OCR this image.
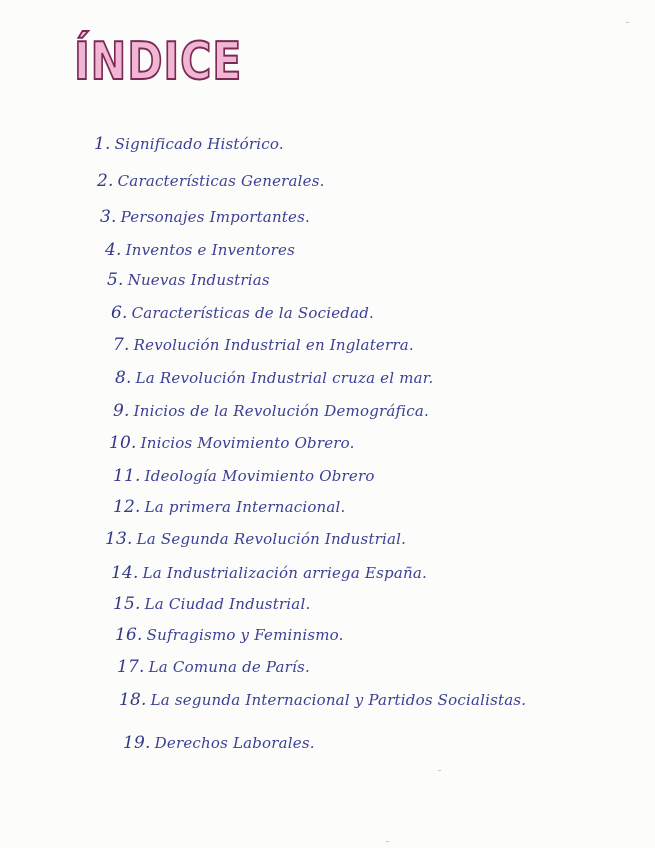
ÍNDICE
1. Significado Histórico.
2. Características Generales.
3. Personajes Importantes.
4. Inventos e Inventores
5. Nuevas Industrias
6. Características de la Sociedad.
7. Revolución Industrial en Inglaterra.
8. La Revolución Industrial cruza el mar.
9. Inicios de la Revolución Demográfica.
10. Inicios Movimiento Obrero.
11. Ideología Movimiento Obrero
12. La primera Internacional.
13. La Segunda Revolución Industrial.
14. La Industrialización arriega España.
15. La Ciudad Industrial.
16. Sufragismo y Feminismo.
17. La Comuna de París.
18. La segunda Internacional y Partidos Socialistas.
19. Derechos Laborales.
